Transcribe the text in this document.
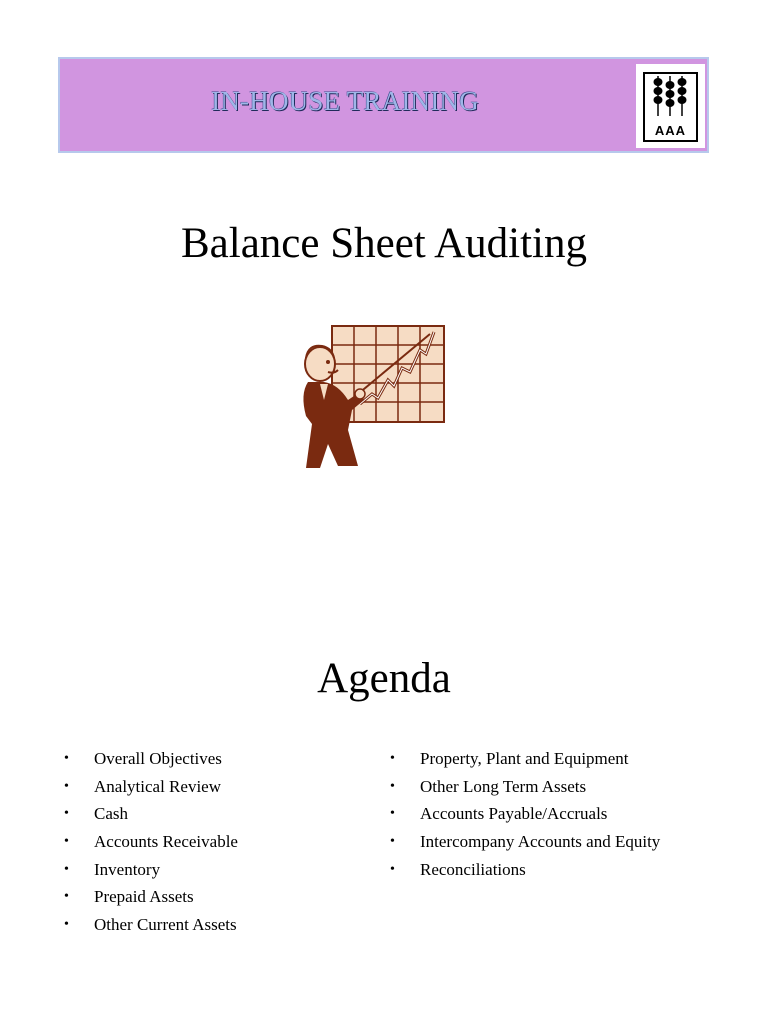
IN-HOUSE TRAINING
AAA
Balance Sheet Auditing
Agenda
• Overall Objectives
• Analytical Review
• Cash
• Accounts Receivable
• Inventory
• Prepaid Assets
• Other Current Assets
• Property, Plant and Equipment
• Other Long Term Assets
• Accounts Payable/Accruals
• Intercompany Accounts and Equity
• Reconciliations
